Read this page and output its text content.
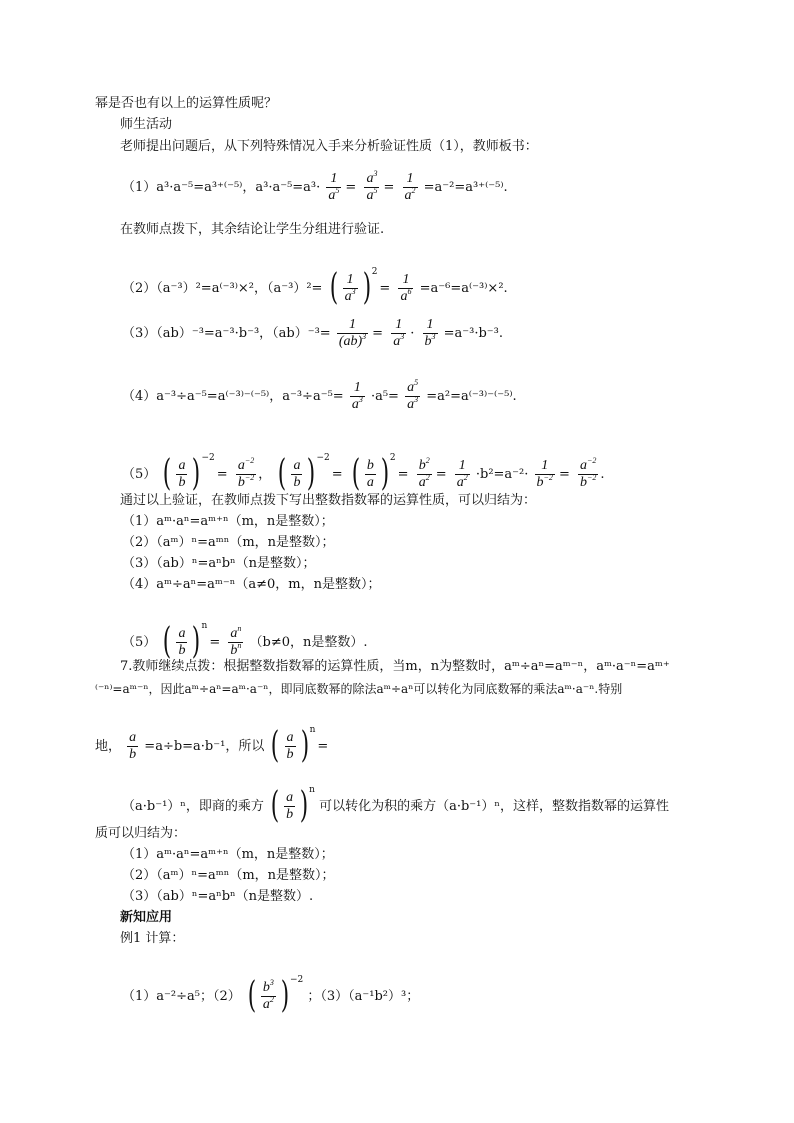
幂是否也有以上的运算性质呢？
师生活动
老师提出问题后，从下列特殊情况入手来分析验证性质（1），教师板书：
（1）a³·a⁻⁵=a³⁺⁽⁻⁵⁾，$a^3\cdot a^{-5}=a^3\cdot \frac{1}{a^5} = \frac{a^3}{a^5} = \frac{1}{a^2} =a^{-2}=a^{3+(-5)}$.
在教师点拨下，其余结论让学生分组进行验证.
（2）（a⁻³）²=a⁽⁻³⁾×²，（a⁻³）²= ( $\frac{1}{a^3} )2= \frac{1}{a^6} =a^{-6}=a^{(-3)}\times^2$.
（3）（ab）⁻³=a⁻³·b⁻³，$(ab)^{-3}= \frac{1}{(ab)^3} = \frac{1}{a^3} \cdot \frac{1}{b^3} =a^{-3}\cdot b^{-3}$.
（4）a⁻³÷a⁻⁵=a⁽⁻³⁾⁻⁽⁻⁵⁾，$a^{-3}\div a^{-5}= \frac{1}{a^3} \cdot a^5= \frac{a^5}{a^3} =a^2=a^{(-3)-(-5)}$.
（5） ( $\frac{a}{b} )-2= \frac{a^{-2}}{b^{-2}}$ ， ( $\frac{a}{b} )-2=$ ( $\frac{b}{a} )2= \frac{b^2}{a^2} = \frac{1}{a^2} \cdot b^2=a^{-2}\cdot \frac{1}{b^{-2}} = \frac{a^{-2}}{b^{-2}}$ .
通过以上验证，在教师点拨下写出整数指数幂的运算性质，可以归结为：
（1）aᵐ·aⁿ=aᵐ⁺ⁿ（m，n是整数）；
（2）（aᵐ）ⁿ=aᵐⁿ（m，n是整数）；
（3）（ab）ⁿ=aⁿbⁿ（n是整数）；
（4）aᵐ÷aⁿ=aᵐ⁻ⁿ（a≠0，m，n是整数）；
（5） ( $\frac{a}{b} )n= \frac{a^n}{b^n} (b\ne 0$，n是整数）.
7.教师继续点拨：根据整数指数幂的运算性质，当m，n为整数时，aᵐ÷aⁿ=aᵐ⁻ⁿ，aᵐ·a⁻ⁿ=aᵐ⁺
⁽⁻ⁿ⁾=aᵐ⁻ⁿ，因此aᵐ÷aⁿ=aᵐ·a⁻ⁿ，即同底数幂的除法aᵐ÷aⁿ可以转化为同底数幂的乘法aᵐ·a⁻ⁿ.特别
地， $\frac{a}{b} =a\div b=a\cdot b^{-1}$，所以 ( $\frac{a}{b} )n=$
（a·b⁻¹）ⁿ，即商的乘方 ( $\frac{a}{b} )n$ 可以转化为积的乘方（a·b⁻¹）ⁿ，这样，整数指数幂的运算性
质可以归结为：
（1）aᵐ·aⁿ=aᵐ⁺ⁿ（m，n是整数）；
（2）（aᵐ）ⁿ=aᵐⁿ（m，n是整数）；
（3）（ab）ⁿ=aⁿbⁿ（n是整数）.
新知应用
例1 计算：
（1）a⁻²÷a⁵；（2） ( $\frac{b^3}{a^2} )-2$ ；（3）（a⁻¹b²）³；
